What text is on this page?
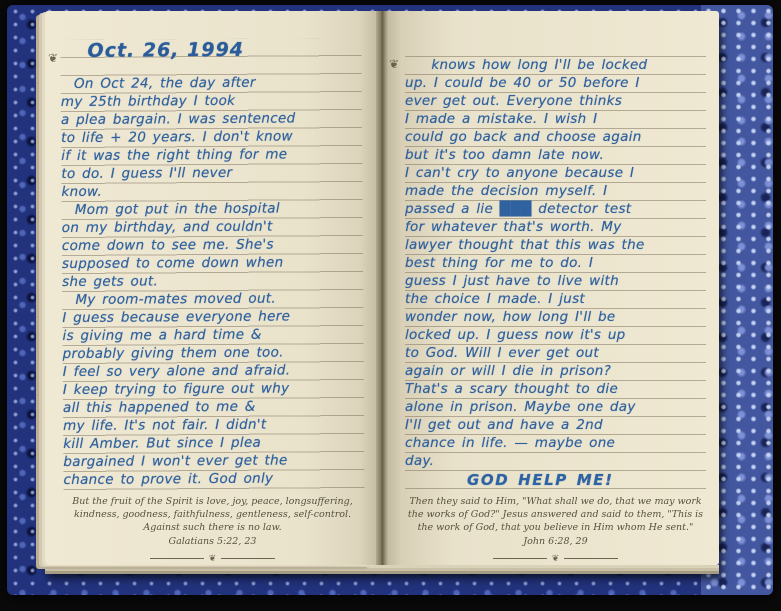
❦	Oct. 26, 1994
On Oct 24, the day after
my 25th birthday I took
a plea bargain. I was sentenced
to life + 20 years. I don't know
if it was the right thing for me
to do. I guess I'll never
know.
Mom got put in the hospital
on my birthday, and couldn't
come down to see me. She's
supposed to come down when
she gets out.
My room-mates moved out.
I guess because everyone here
is giving me a hard time &
probably giving them one too.
I feel so very alone and afraid.
I keep trying to figure out why
all this happened to me &
my life. It's not fair. I didn't
kill Amber. But since I plea
bargained I won't ever get the
chance to prove it. God only

But the fruit of the Spirit is love, joy, peace, longsuffering, kindness, goodness, faithfulness, gentleness, self-control. Against such there is no law.

Galatians 5:22, 23

❦
❦ knows how long I'll be locked
up. I could be 40 or 50 before I
ever get out. Everyone thinks
I made a mistake. I wish I
could go back and choose again
but it's too damn late now.
I can't cry to anyone because I
made the decision myself. I
passed a lie ███ detector test
for whatever that's worth. My
lawyer thought that this was the
best thing for me to do. I
guess I just have to live with
the choice I made. I just
wonder now, how long I'll be
locked up. I guess now it's up
to God. Will I ever get out
again or will I die in prison?
That's a scary thought to die
alone in prison. Maybe one day
I'll get out and have a 2nd
chance in life. — maybe one
day.
GOD HELP ME!

Then they said to Him, "What shall we do, that we may work the works of God?" Jesus answered and said to them, "This is the work of God, that you believe in Him whom He sent."

John 6:28, 29

❦
